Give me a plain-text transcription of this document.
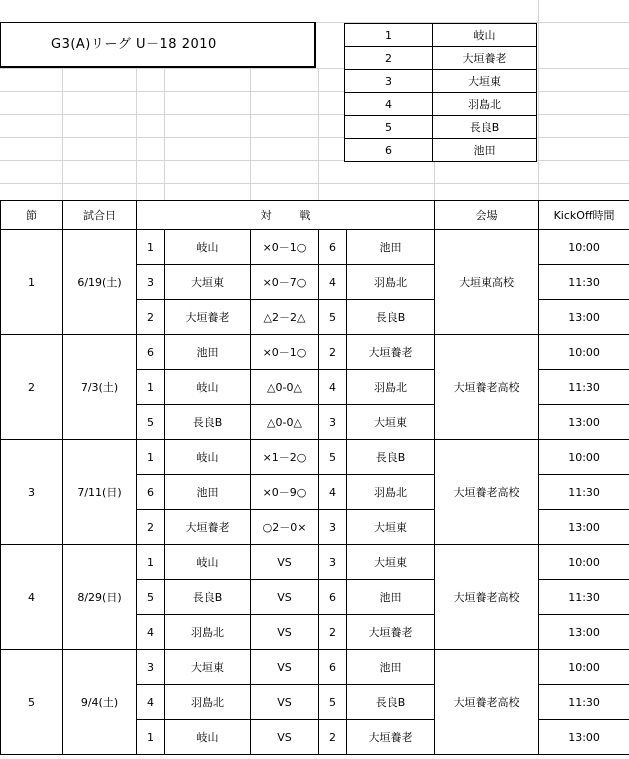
G3(A)リーグ U－18 2010
1	岐山
2	大垣養老
3	大垣東
4	羽島北
5	長良B
6	池田
節	試合日	対 戦					会場	KickOff時間
1	6/19(土)	1	岐山	×0－1○	6	池田	大垣東高校	10:00
		3	大垣東	×0－7○	4	羽島北		11:30
		2	大垣養老	△2－2△	5	長良B		13:00
2	7/3(土)	6	池田	×0－1○	2	大垣養老	大垣養老高校	10:00
		1	岐山	△0-0△	4	羽島北		11:30
		5	長良B	△0-0△	3	大垣東		13:00
3	7/11(日)	1	岐山	×1－2○	5	長良B	大垣養老高校	10:00
		6	池田	×0－9○	4	羽島北		11:30
		2	大垣養老	○2－0×	3	大垣東		13:00
4	8/29(日)	1	岐山	VS	3	大垣東	大垣養老高校	10:00
		5	長良B	VS	6	池田		11:30
		4	羽島北	VS	2	大垣養老		13:00
5	9/4(土)	3	大垣東	VS	6	池田	大垣養老高校	10:00
		4	羽島北	VS	5	長良B		11:30
		1	岐山	VS	2	大垣養老		13:00
